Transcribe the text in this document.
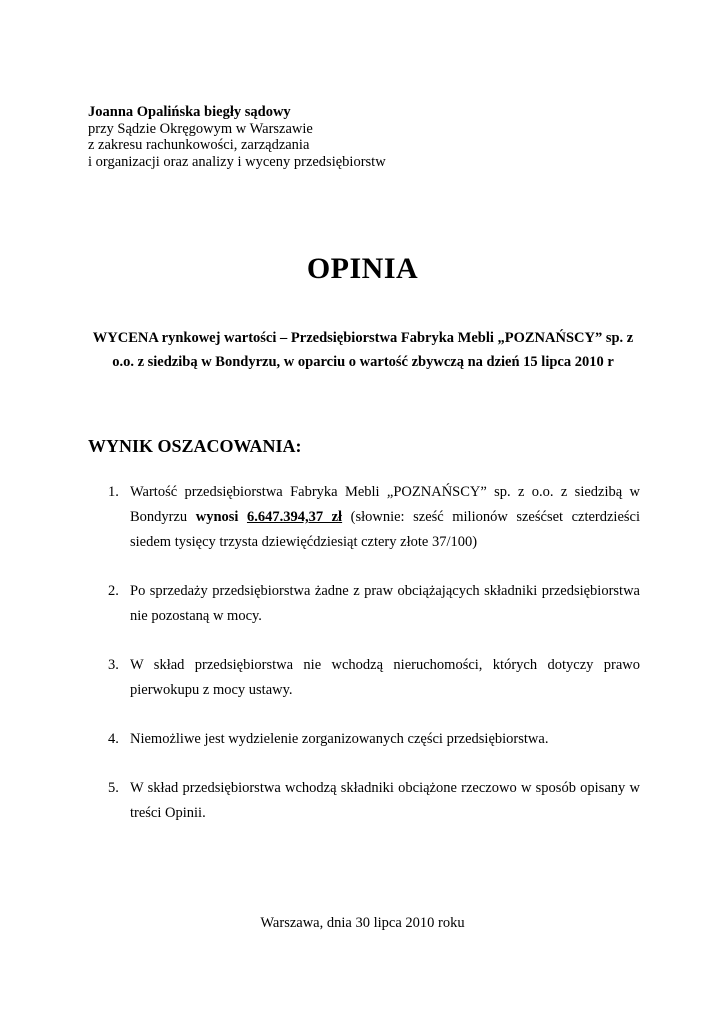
Joanna Opalińska biegły sądowy
przy Sądzie Okręgowym w Warszawie
z zakresu rachunkowości, zarządzania
i organizacji oraz analizy i wyceny przedsiębiorstw
OPINIA
WYCENA rynkowej wartości – Przedsiębiorstwa Fabryka Mebli „POZNAŃSCY” sp. z o.o. z siedzibą w Bondyrzu, w oparciu o wartość zbywczą na dzień 15 lipca 2010 r
WYNIK OSZACOWANIA:
1. Wartość przedsiębiorstwa Fabryka Mebli „POZNAŃSCY” sp. z o.o. z siedzibą w Bondyrzu wynosi 6.647.394,37 zł (słownie: sześć milionów sześćset czterdzieści siedem tysięcy trzysta dziewięćdziesiąt cztery złote 37/100)
2. Po sprzedaży przedsiębiorstwa żadne z praw obciążających składniki przedsiębiorstwa nie pozostaną w mocy.
3. W skład przedsiębiorstwa nie wchodzą nieruchomości, których dotyczy prawo pierwokupu z mocy ustawy.
4. Niemożliwe jest wydzielenie zorganizowanych części przedsiębiorstwa.
5. W skład przedsiębiorstwa wchodzą składniki obciążone rzeczowo w sposób opisany w treści Opinii.
Warszawa, dnia 30 lipca 2010 roku
